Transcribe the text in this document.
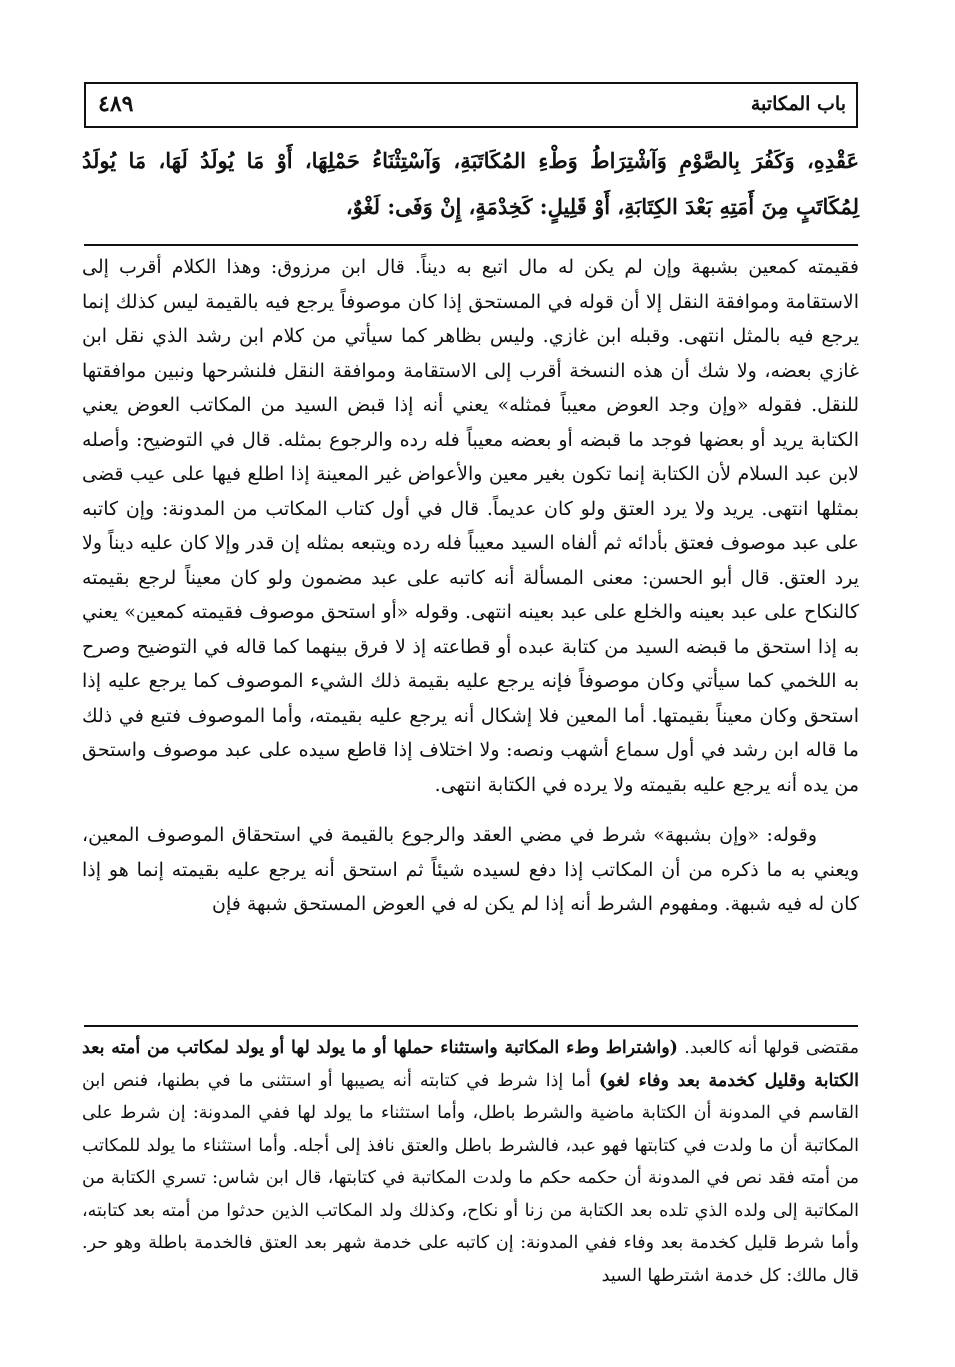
باب المكاتبة
٤٨٩

عَقْدِهِ، وَكَفُرَ بِالصَّوْمِ وَآشْتِرَاطُ وَطْءِ المُكَاتَبَةِ، وَآسْتِثْنَاءُ حَمْلِهَا، أَوْ مَا يُولَدُ لَهَا، مَا يُولَدُ لِمُكَاتَبٍ مِنَ أَمَتِهِ بَعْدَ الكِتَابَةِ، أَوْ قَلِيلٍ: كَخِدْمَةٍ، إِنْ وَفَى: لَغْوٌ،

فقيمته كمعين بشبهة وإن لم يكن له مال اتبع به ديناً. قال ابن مرزوق: وهذا الكلام أقرب إلى الاستقامة وموافقة النقل إلا أن قوله في المستحق إذا كان موصوفاً يرجع فيه بالقيمة ليس كذلك إنما يرجع فيه بالمثل انتهى. وقبله ابن غازي. وليس بظاهر كما سيأتي من كلام ابن رشد الذي نقل ابن غازي بعضه، ولا شك أن هذه النسخة أقرب إلى الاستقامة وموافقة النقل فلنشرحها ونبين موافقتها للنقل. فقوله «وإن وجد العوض معيباً فمثله» يعني أنه إذا قبض السيد من المكاتب العوض يعني الكتابة يريد أو بعضها فوجد ما قبضه أو بعضه معيباً فله رده والرجوع بمثله. قال في التوضيح: وأصله لابن عبد السلام لأن الكتابة إنما تكون بغير معين والأعواض غير المعينة إذا اطلع فيها على عيب قضى بمثلها انتهى. يريد ولا يرد العتق ولو كان عديماً. قال في أول كتاب المكاتب من المدونة: وإن كاتبه على عبد موصوف فعتق بأدائه ثم ألفاه السيد معيباً فله رده ويتبعه بمثله إن قدر وإلا كان عليه ديناً ولا يرد العتق. قال أبو الحسن: معنى المسألة أنه كاتبه على عبد مضمون ولو كان معيناً لرجع بقيمته كالنكاح على عبد بعينه والخلع على عبد بعينه انتهى. وقوله «أو استحق موصوف فقيمته كمعين» يعني به إذا استحق ما قبضه السيد من كتابة عبده أو قطاعته إذ لا فرق بينهما كما قاله في التوضيح وصرح به اللخمي كما سيأتي وكان موصوفاً فإنه يرجع عليه بقيمة ذلك الشيء الموصوف كما يرجع عليه إذا استحق وكان معيناً بقيمتها. أما المعين فلا إشكال أنه يرجع عليه بقيمته، وأما الموصوف فتبع في ذلك ما قاله ابن رشد في أول سماع أشهب ونصه: ولا اختلاف إذا قاطع سيده على عبد موصوف واستحق من يده أنه يرجع عليه بقيمته ولا يرده في الكتابة انتهى.

وقوله: «وإن بشبهة» شرط في مضي العقد والرجوع بالقيمة في استحقاق الموصوف المعين، ويعني به ما ذكره من أن المكاتب إذا دفع لسيده شيئاً ثم استحق أنه يرجع عليه بقيمته إنما هو إذا كان له فيه شبهة. ومفهوم الشرط أنه إذا لم يكن له في العوض المستحق شبهة فإن

مقتضى قولها أنه كالعبد. (واشتراط وطء المكاتبة واستثناء حملها أو ما يولد لها أو يولد لمكاتب من أمته بعد الكتابة وقليل كخدمة بعد وفاء لغو) أما إذا شرط في كتابته أنه يصيبها أو استثنى ما في بطنها، فنص ابن القاسم في المدونة أن الكتابة ماضية والشرط باطل، وأما استثناء ما يولد لها ففي المدونة: إن شرط على المكاتبة أن ما ولدت في كتابتها فهو عبد، فالشرط باطل والعتق نافذ إلى أجله. وأما استثناء ما يولد للمكاتب من أمته فقد نص في المدونة أن حكمه حكم ما ولدت المكاتبة في كتابتها، قال ابن شاس: تسري الكتابة من المكاتبة إلى ولده الذي تلده بعد الكتابة من زنا أو نكاح، وكذلك ولد المكاتب الذين حدثوا من أمته بعد كتابته، وأما شرط قليل كخدمة بعد وفاء ففي المدونة: إن كاتبه على خدمة شهر بعد العتق فالخدمة باطلة وهو حر. قال مالك: كل خدمة اشترطها السيد
